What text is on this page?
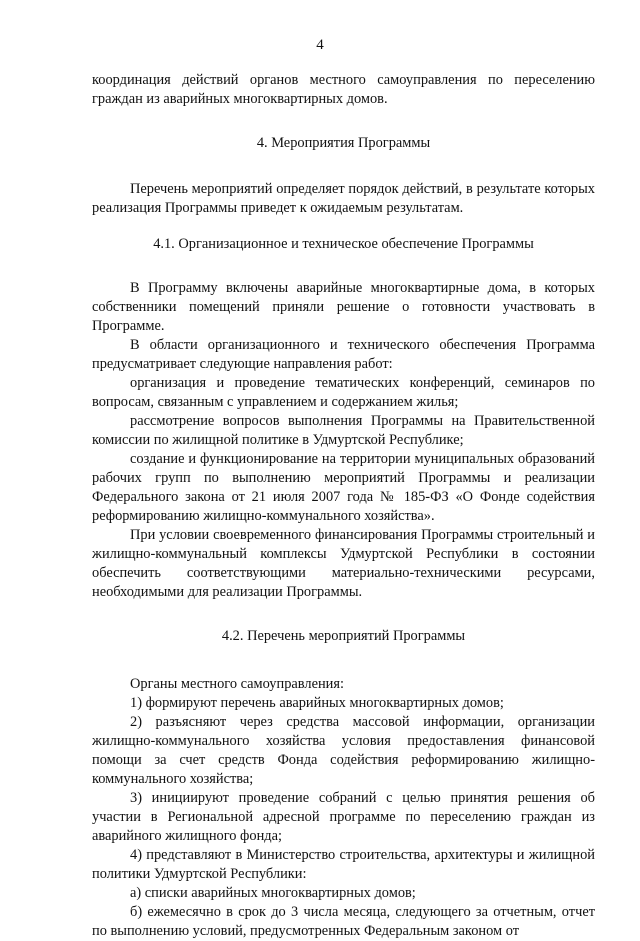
4

координация действий органов местного самоуправления по переселению граждан из аварийных многоквартирных домов.

4. Мероприятия Программы

Перечень мероприятий определяет порядок действий, в результате которых реализация Программы приведет к ожидаемым результатам.

4.1. Организационное и техническое обеспечение Программы

В Программу включены аварийные многоквартирные дома, в которых собственники помещений приняли решение о готовности участвовать в Программе.

В области организационного и технического обеспечения Программа предусматривает следующие направления работ:

организация и проведение тематических конференций, семинаров по вопросам, связанным с управлением и содержанием жилья;

рассмотрение вопросов выполнения Программы на Правительственной комиссии по жилищной политике в Удмуртской Республике;

создание и функционирование на территории муниципальных образований рабочих групп по выполнению мероприятий Программы и реализации Федерального закона от 21 июля 2007 года № 185-ФЗ «О Фонде содействия реформированию жилищно-коммунального хозяйства».

При условии своевременного финансирования Программы строительный и жилищно-коммунальный комплексы Удмуртской Республики в состоянии обеспечить соответствующими материально-техническими ресурсами, необходимыми для реализации Программы.

4.2. Перечень мероприятий Программы

Органы местного самоуправления:

1) формируют перечень аварийных многоквартирных домов;

2) разъясняют через средства массовой информации, организации жилищно-коммунального хозяйства условия предоставления финансовой помощи за счет средств Фонда содействия реформированию жилищно-коммунального хозяйства;

3) инициируют проведение собраний с целью принятия решения об участии в Региональной адресной программе по переселению граждан из аварийного жилищного фонда;

4) представляют в Министерство строительства, архитектуры и жилищной политики Удмуртской Республики:

а) списки аварийных многоквартирных домов;

б) ежемесячно в срок до 3 числа месяца, следующего за отчетным, отчет по выполнению условий, предусмотренных Федеральным законом от
